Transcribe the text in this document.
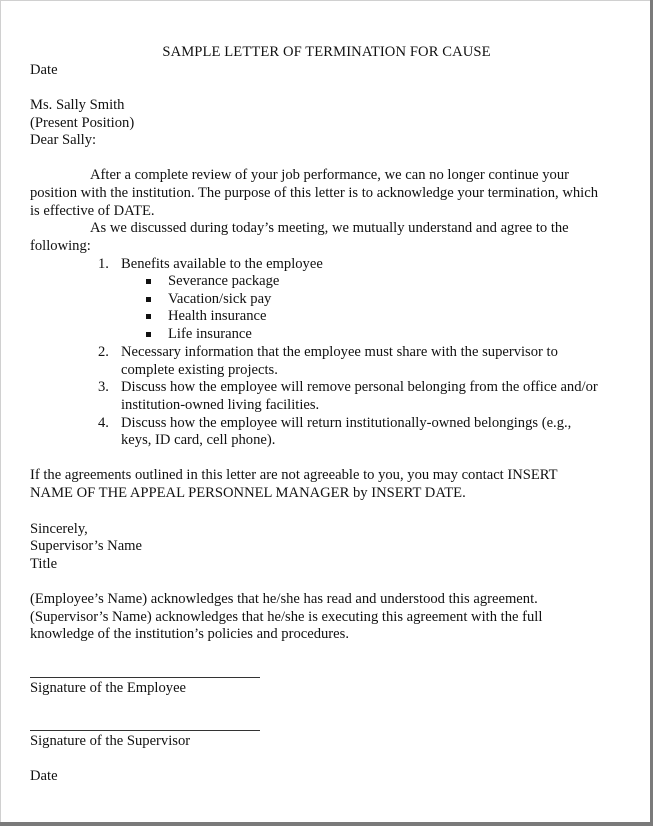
SAMPLE LETTER OF TERMINATION FOR CAUSE
Date
Ms. Sally Smith
(Present Position)
Dear Sally:
After a complete review of your job performance, we can no longer continue your
position with the institution. The purpose of this letter is to acknowledge your termination, which
is effective of DATE.
As we discussed during today’s meeting, we mutually understand and agree to the
following:
1. Benefits available to the employee
Severance package
Vacation/sick pay
Health insurance
Life insurance
2. Necessary information that the employee must share with the supervisor to
complete existing projects.
3. Discuss how the employee will remove personal belonging from the office and/or
institution-owned living facilities.
4. Discuss how the employee will return institutionally-owned belongings (e.g.,
keys, ID card, cell phone).
If the agreements outlined in this letter are not agreeable to you, you may contact INSERT
NAME OF THE APPEAL PERSONNEL MANAGER by INSERT DATE.
Sincerely,
Supervisor’s Name
Title
(Employee’s Name) acknowledges that he/she has read and understood this agreement.
(Supervisor’s Name) acknowledges that he/she is executing this agreement with the full
knowledge of the institution’s policies and procedures.
Signature of the Employee
Signature of the Supervisor
Date
